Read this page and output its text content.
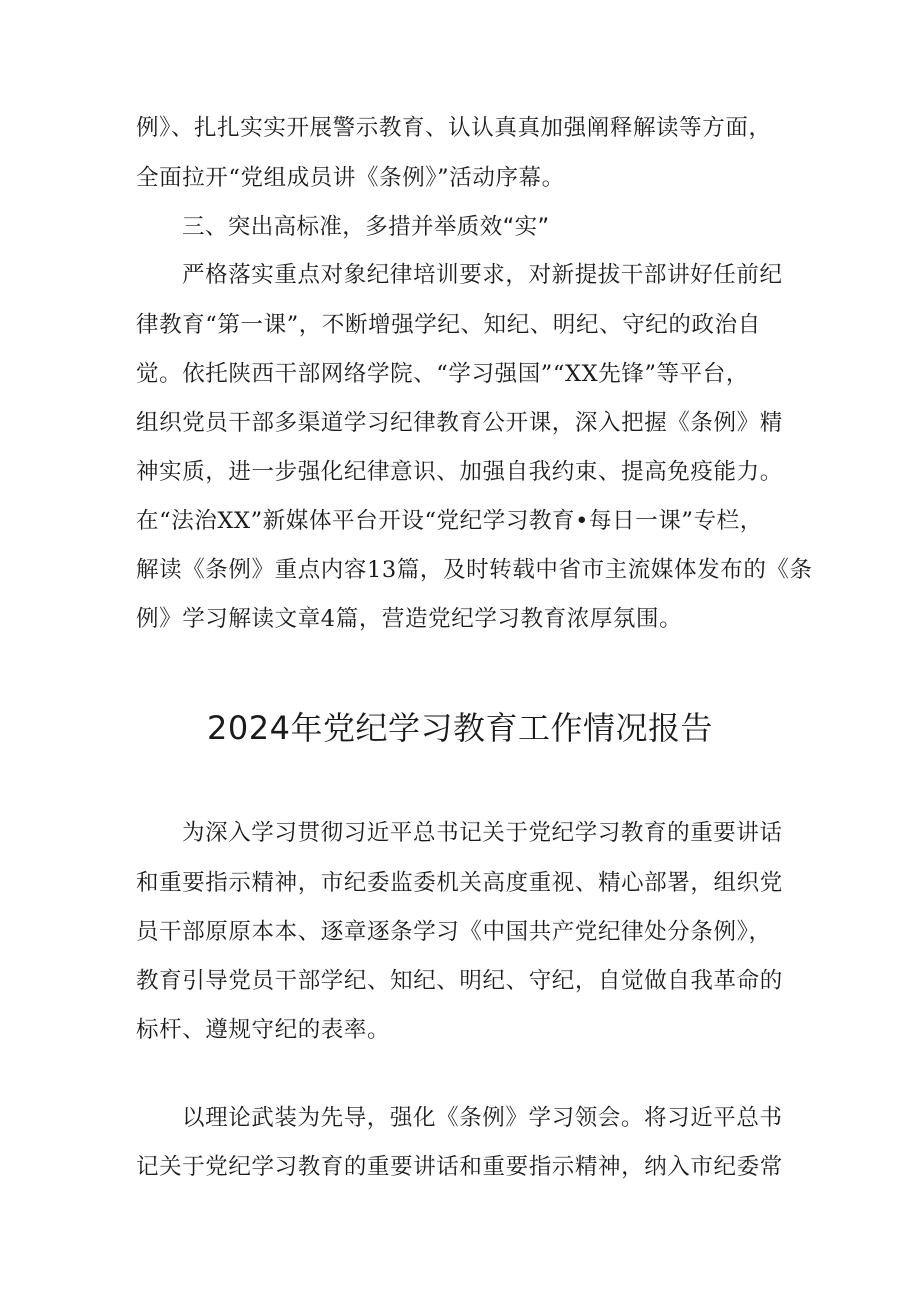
例》、扎扎实实开展警示教育、认认真真加强阐释解读等方面，
全面拉开“党组成员讲《条例》”活动序幕。
三、突出高标准，多措并举质效“实”
严格落实重点对象纪律培训要求，对新提拔干部讲好任前纪
律教育“第一课”，不断增强学纪、知纪、明纪、守纪的政治自
觉。依托陕西干部网络学院、“学习强国”“XX先锋”等平台，
组织党员干部多渠道学习纪律教育公开课，深入把握《条例》精
神实质，进一步强化纪律意识、加强自我约束、提高免疫能力。
在“法治XX”新媒体平台开设“党纪学习教育•每日一课”专栏，
解读《条例》重点内容13篇，及时转载中省市主流媒体发布的《条
例》学习解读文章4篇，营造党纪学习教育浓厚氛围。
2024年党纪学习教育工作情况报告
为深入学习贯彻习近平总书记关于党纪学习教育的重要讲话
和重要指示精神，市纪委监委机关高度重视、精心部署，组织党
员干部原原本本、逐章逐条学习《中国共产党纪律处分条例》，
教育引导党员干部学纪、知纪、明纪、守纪，自觉做自我革命的
标杆、遵规守纪的表率。
以理论武装为先导，强化《条例》学习领会。将习近平总书
记关于党纪学习教育的重要讲话和重要指示精神，纳入市纪委常
